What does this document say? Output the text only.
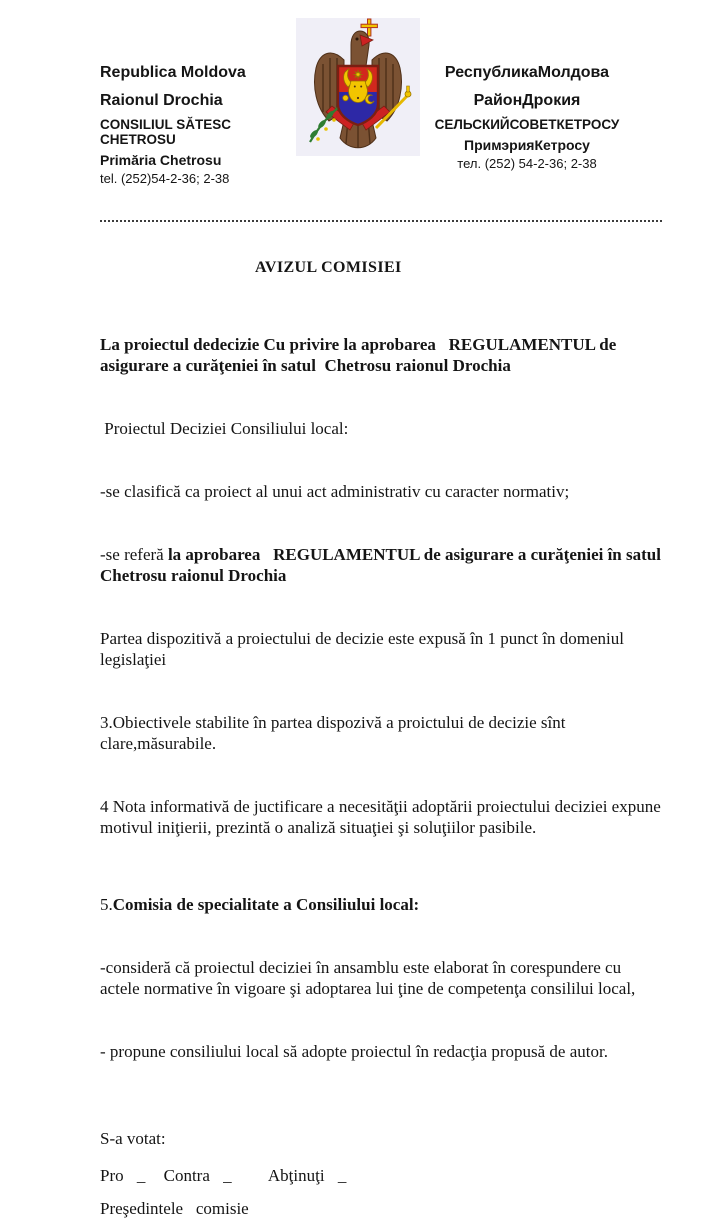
Republica Moldova
Raionul Drochia
CONSILIUL SĂTESC CHETROSU
Primăria Chetrosu
tel. (252)54-2-36; 2-38
РеспубликаМолдова
РайонДрокия
СЕЛЬСКИЙСОВЕТКЕТРОСУ
ПримэрияКетросу
тел. (252) 54-2-36; 2-38
AVIZUL COMISIEI

La proiectul dedecizie Cu privire la aprobarea   REGULAMENTUL de asigurare a curăţeniei în satul  Chetrosu raionul Drochia

Proiectul Deciziei Consiliului local:

-se clasifică ca proiect al unui act administrativ cu caracter normativ;

-se referă la aprobarea   REGULAMENTUL de asigurare a curăţeniei în satul Chetrosu raionul Drochia

Partea dispozitivă a proiectului de decizie este expusă în 1 punct în domeniul legislaţiei

3.Obiectivele stabilite în partea dispozivă a proictului de decizie sînt clare,măsurabile.

4 Nota informativă de juctificare a necesităţii adoptării proiectului deciziei expune motivul iniţierii, prezintă o analiză situaţiei şi soluţiilor pasibile.

5.Comisia de specialitate a Consiliului local:

-consideră că proiectul deciziei în ansamblu este elaborat în corespundere cu actele normative în vigoare şi adoptarea lui ţine de competenţa consililui local,

- propune consiliului local să adopte proiectul în redacţia propusă de autor.

S-a votat:
Pro _ Contra _ Abţinuţi _
Preşedintele   comisie
